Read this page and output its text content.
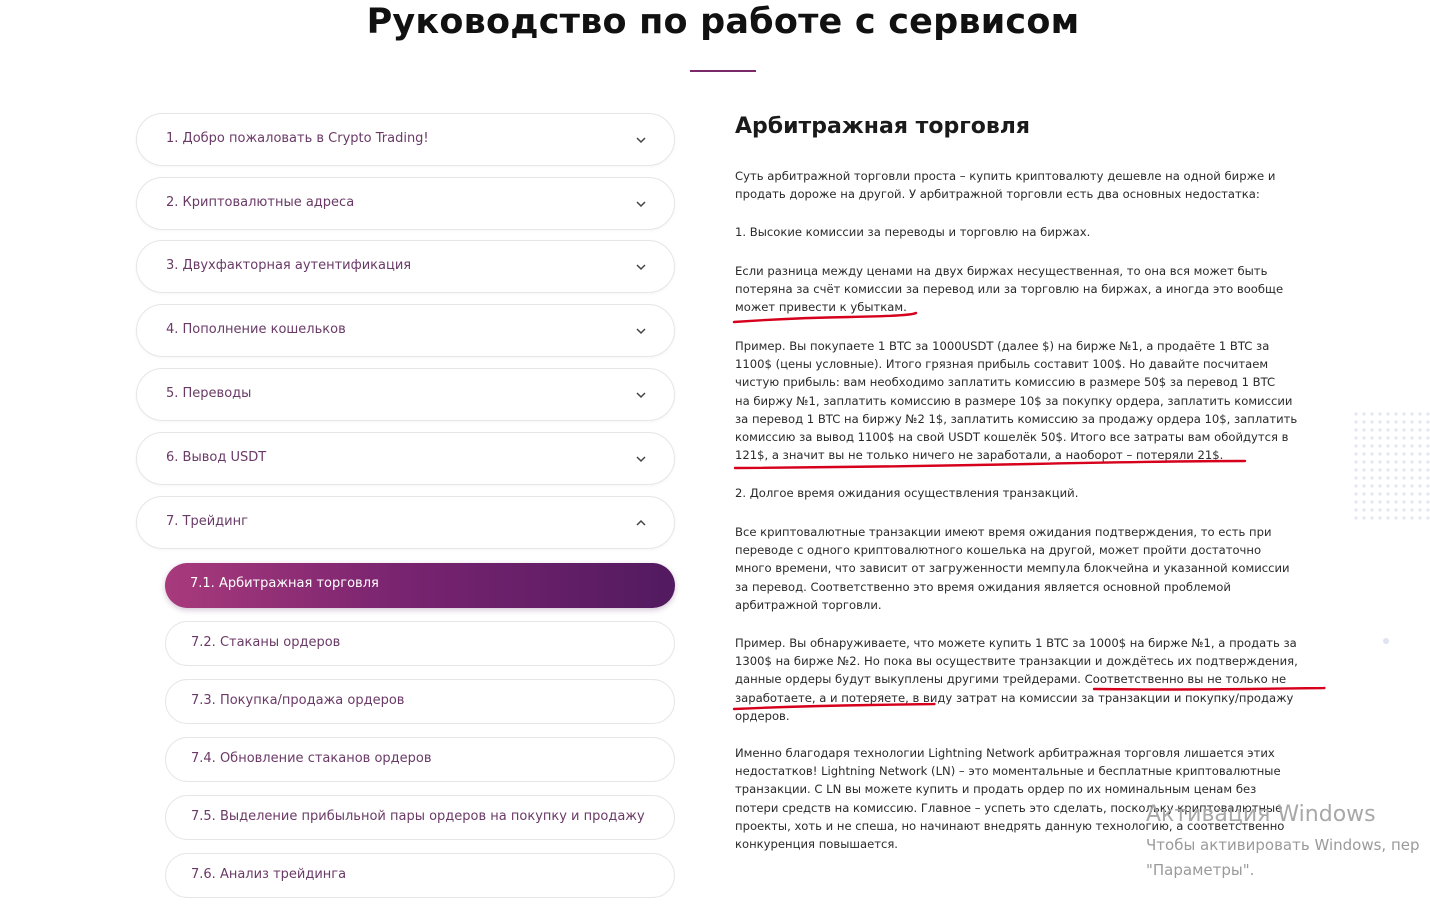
Руководство по работе с сервисом
1. Добро пожаловать в Crypto Trading!
2. Криптовалютные адреса
3. Двухфакторная аутентификация
4. Пополнение кошельков
5. Переводы
6. Вывод USDT
7. Трейдинг
7.1. Арбитражная торговля
7.2. Стаканы ордеров
7.3. Покупка/продажа ордеров
7.4. Обновление стаканов ордеров
7.5. Выделение прибыльной пары ордеров на покупку и продажу
7.6. Анализ трейдинга
Арбитражная торговля
Суть арбитражной торговли проста – купить криптовалюту дешевле на одной бирже и
продать дороже на другой. У арбитражной торговли есть два основных недостатка:
1. Высокие комиссии за переводы и торговлю на биржах.
Если разница между ценами на двух биржах несущественная, то она вся может быть
потеряна за счёт комиссии за перевод или за торговлю на биржах, а иногда это вообще
может привести к убыткам.
Пример. Вы покупаете 1 BTC за 1000USDT (далее $) на бирже №1, а продаёте 1 BTC за
1100$ (цены условные). Итого грязная прибыль составит 100$. Но давайте посчитаем
чистую прибыль: вам необходимо заплатить комиссию в размере 50$ за перевод 1 BTC
на биржу №1, заплатить комиссию в размере 10$ за покупку ордера, заплатить комиссии
за перевод 1 BTC на биржу №2 1$, заплатить комиссию за продажу ордера 10$, заплатить
комиссию за вывод 1100$ на свой USDT кошелёк 50$. Итого все затраты вам обойдутся в
121$, а значит вы не только ничего не заработали, а наоборот – потеряли 21$.
2. Долгое время ожидания осуществления транзакций.
Все криптовалютные транзакции имеют время ожидания подтверждения, то есть при
переводе с одного криптовалютного кошелька на другой, может пройти достаточно
много времени, что зависит от загруженности мемпула блокчейна и указанной комиссии
за перевод. Соответственно это время ожидания является основной проблемой
арбитражной торговли.
Пример. Вы обнаруживаете, что можете купить 1 BTC за 1000$ на бирже №1, а продать за
1300$ на бирже №2. Но пока вы осуществите транзакции и дождётесь их подтверждения,
данные ордеры будут выкуплены другими трейдерами. Соответственно вы не только не
заработаете, а и потеряете, в виду затрат на комиссии за транзакции и покупку/продажу
ордеров.
Именно благодаря технологии Lightning Network арбитражная торговля лишается этих
недостатков! Lightning Network (LN) – это моментальные и бесплатные криптовалютные
транзакции. С LN вы можете купить и продать ордер по их номинальным ценам без
потери средств на комиссию. Главное – успеть это сделать, поскольку криптовалютные
проекты, хоть и не спеша, но начинают внедрять данную технологию, а соответственно
конкуренция повышается.
Активация Windows
Чтобы активировать Windows, пер
"Параметры".
